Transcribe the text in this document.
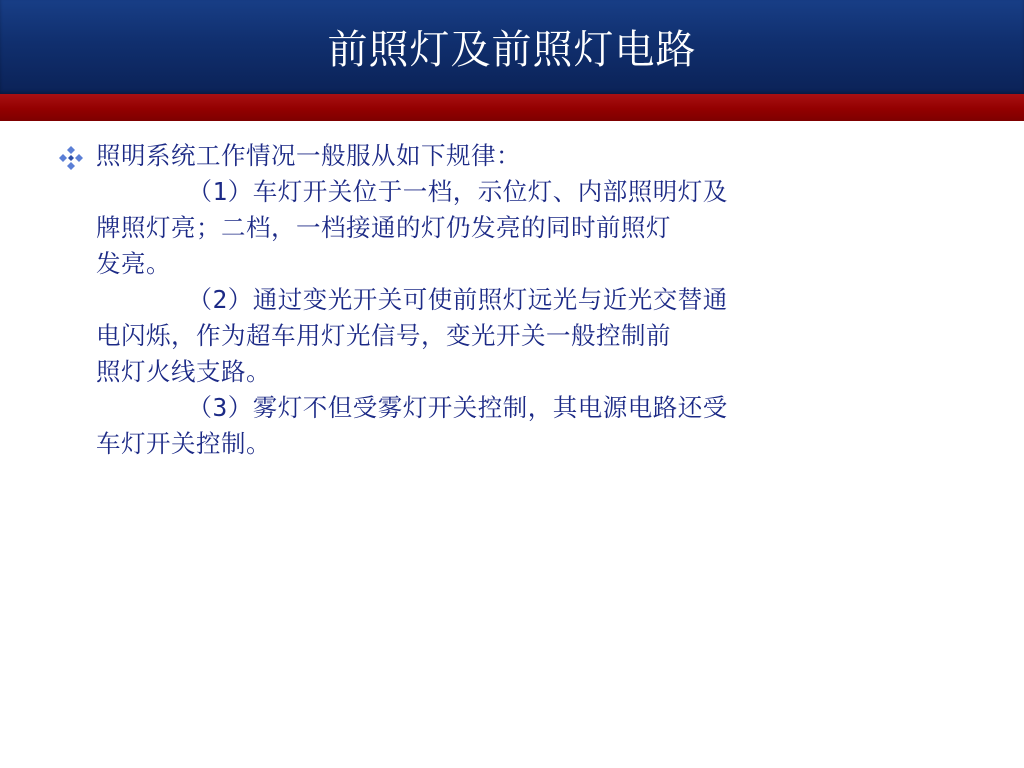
前照灯及前照灯电路
照明系统工作情况一般服从如下规律：
（1）车灯开关位于一档，示位灯、内部照明灯及
牌照灯亮；二档，一档接通的灯仍发亮的同时前照灯
发亮。
（2）通过变光开关可使前照灯远光与近光交替通
电闪烁，作为超车用灯光信号，变光开关一般控制前
照灯火线支路。
（3）雾灯不但受雾灯开关控制，其电源电路还受
车灯开关控制。
